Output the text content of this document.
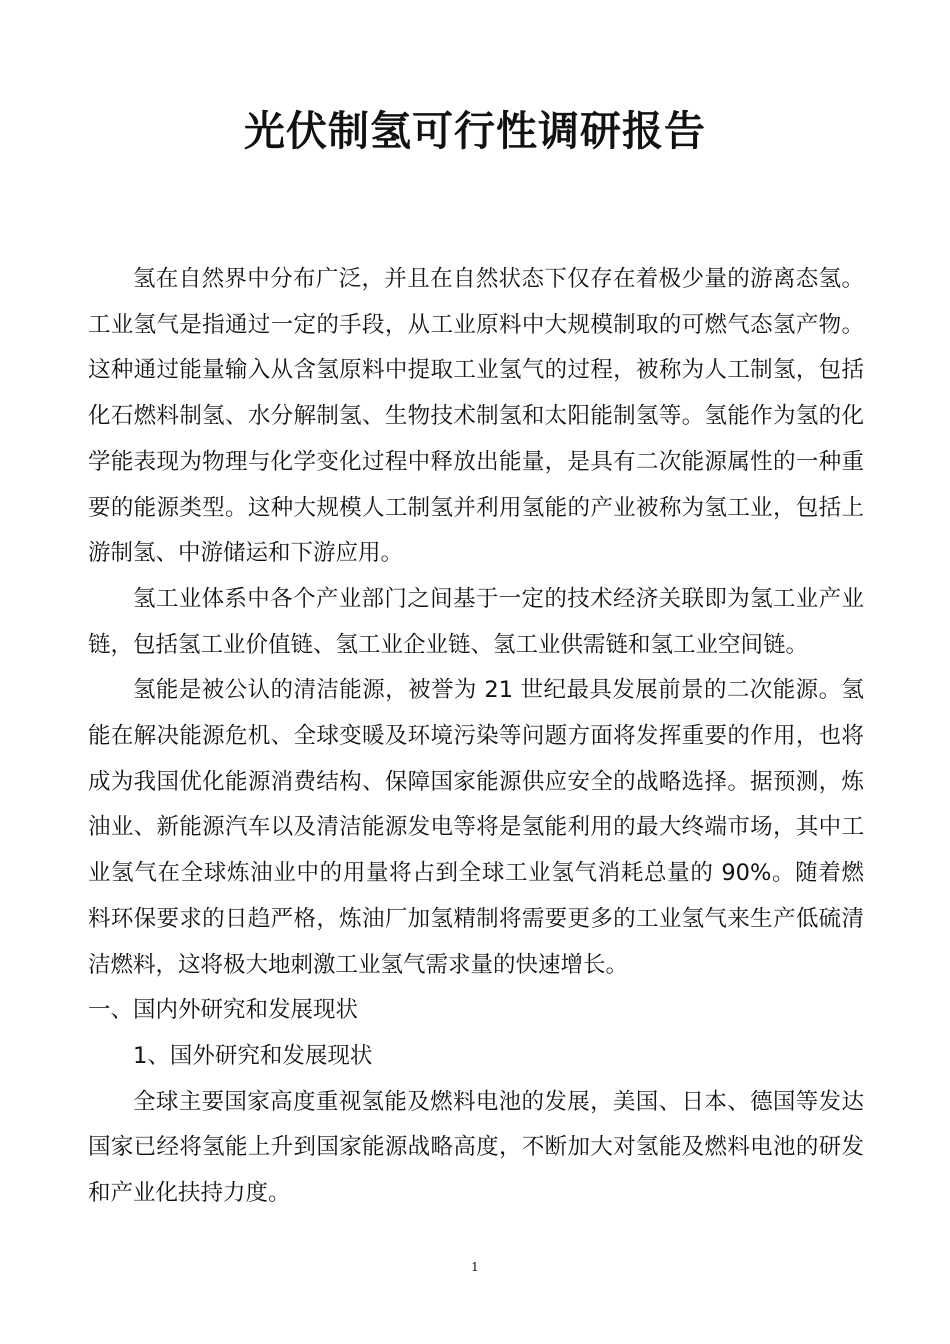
光伏制氢可行性调研报告

氢在自然界中分布广泛，并且在自然状态下仅存在着极少量的游离态氢。工业氢气是指通过一定的手段，从工业原料中大规模制取的可燃气态氢产物。这种通过能量输入从含氢原料中提取工业氢气的过程，被称为人工制氢，包括化石燃料制氢、水分解制氢、生物技术制氢和太阳能制氢等。氢能作为氢的化学能表现为物理与化学变化过程中释放出能量，是具有二次能源属性的一种重要的能源类型。这种大规模人工制氢并利用氢能的产业被称为氢工业，包括上游制氢、中游储运和下游应用。

氢工业体系中各个产业部门之间基于一定的技术经济关联即为氢工业产业链，包括氢工业价值链、氢工业企业链、氢工业供需链和氢工业空间链。

氢能是被公认的清洁能源，被誉为 21 世纪最具发展前景的二次能源。氢能在解决能源危机、全球变暖及环境污染等问题方面将发挥重要的作用，也将成为我国优化能源消费结构、保障国家能源供应安全的战略选择。据预测，炼油业、新能源汽车以及清洁能源发电等将是氢能利用的最大终端市场，其中工业氢气在全球炼油业中的用量将占到全球工业氢气消耗总量的 90%。随着燃料环保要求的日趋严格，炼油厂加氢精制将需要更多的工业氢气来生产低硫清洁燃料，这将极大地刺激工业氢气需求量的快速增长。

一、国内外研究和发展现状

1、国外研究和发展现状

全球主要国家高度重视氢能及燃料电池的发展，美国、日本、德国等发达国家已经将氢能上升到国家能源战略高度，不断加大对氢能及燃料电池的研发和产业化扶持力度。

1
